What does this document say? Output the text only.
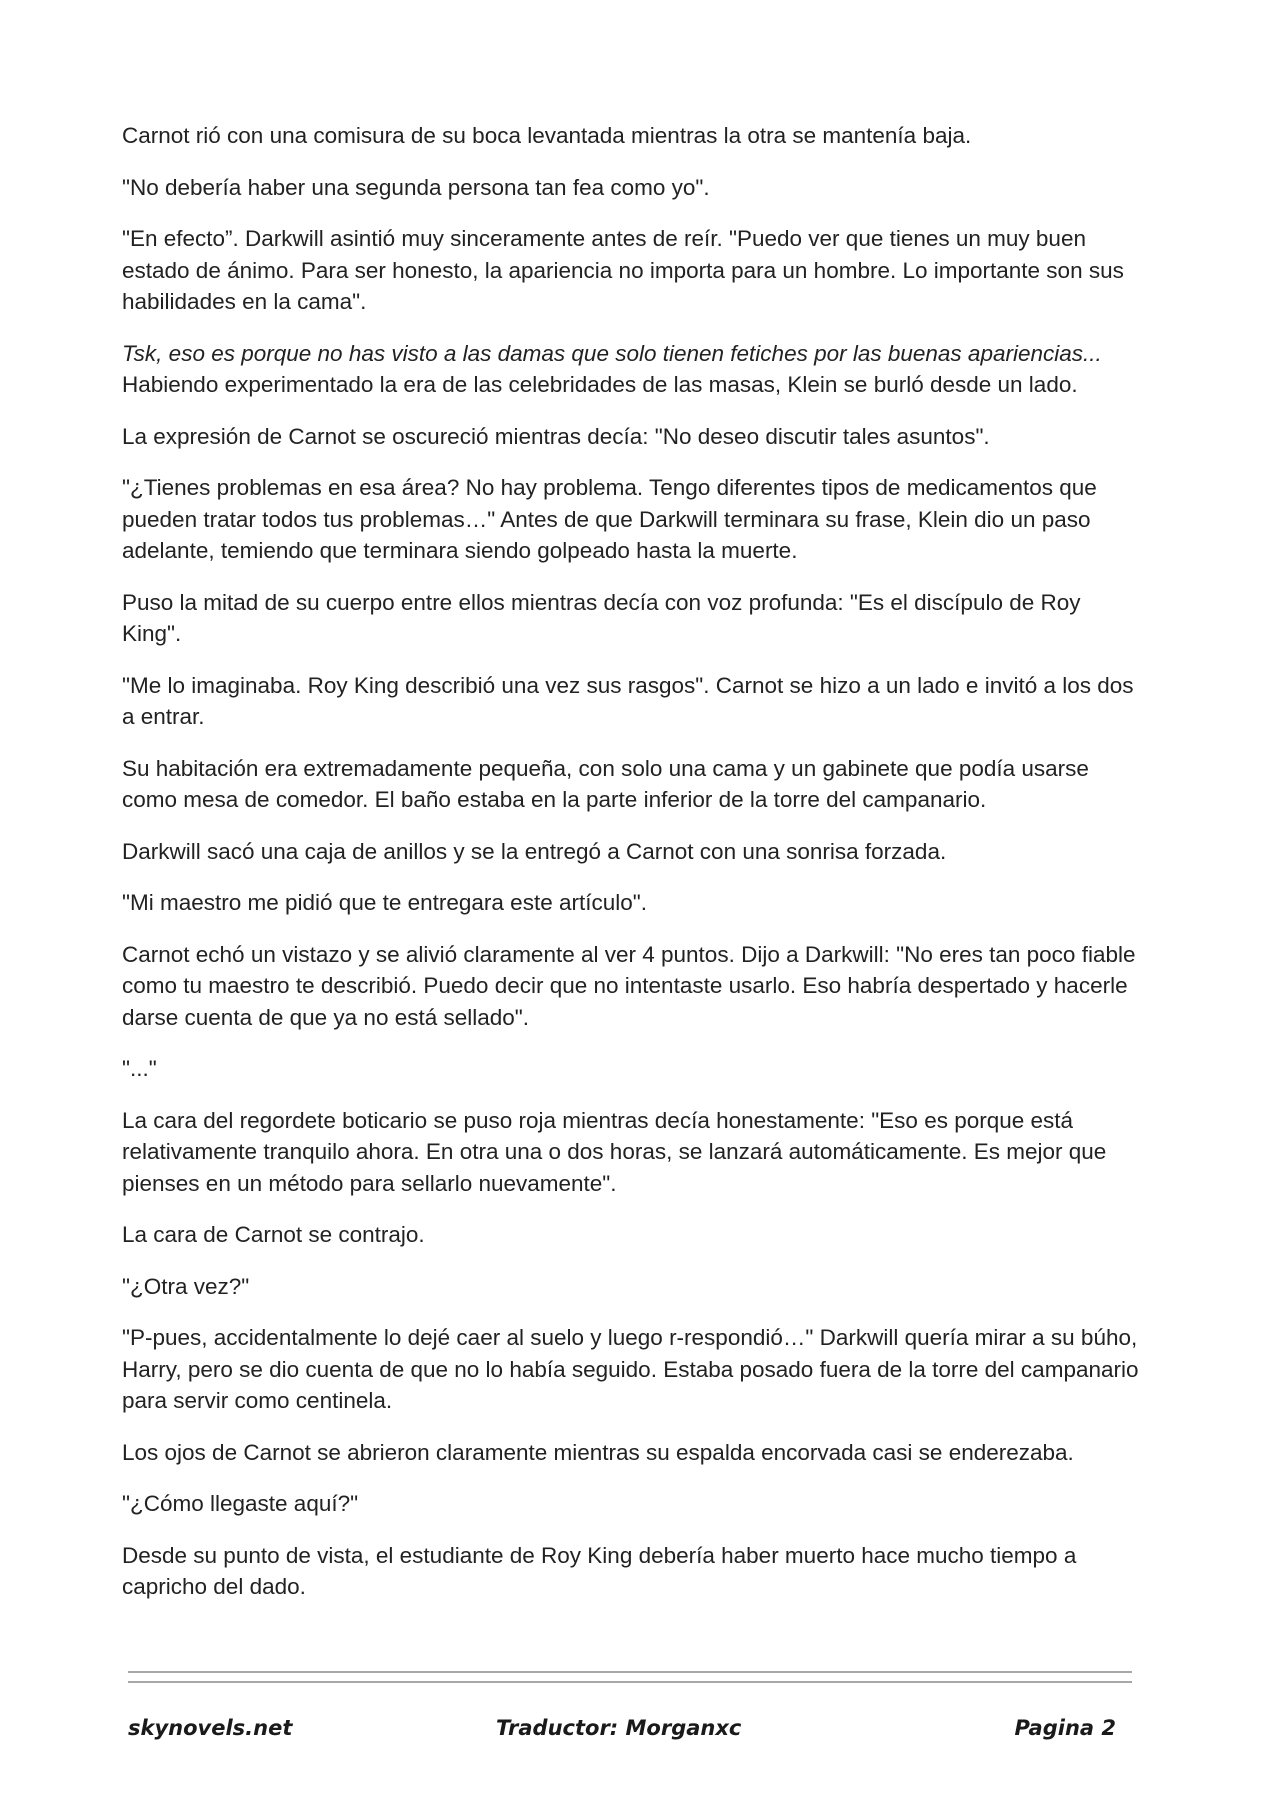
Carnot rió con una comisura de su boca levantada mientras la otra se mantenía baja.

"No debería haber una segunda persona tan fea como yo".

"En efecto”. Darkwill asintió muy sinceramente antes de reír. "Puedo ver que tienes un muy buen estado de ánimo. Para ser honesto, la apariencia no importa para un hombre. Lo importante son sus habilidades en la cama".

Tsk, eso es porque no has visto a las damas que solo tienen fetiches por las buenas apariencias... Habiendo experimentado la era de las celebridades de las masas, Klein se burló desde un lado.

La expresión de Carnot se oscureció mientras decía: "No deseo discutir tales asuntos".

"¿Tienes problemas en esa área? No hay problema. Tengo diferentes tipos de medicamentos que pueden tratar todos tus problemas…" Antes de que Darkwill terminara su frase, Klein dio un paso adelante, temiendo que terminara siendo golpeado hasta la muerte.

Puso la mitad de su cuerpo entre ellos mientras decía con voz profunda: "Es el discípulo de Roy King".

"Me lo imaginaba. Roy King describió una vez sus rasgos". Carnot se hizo a un lado e invitó a los dos a entrar.

Su habitación era extremadamente pequeña, con solo una cama y un gabinete que podía usarse como mesa de comedor. El baño estaba en la parte inferior de la torre del campanario.

Darkwill sacó una caja de anillos y se la entregó a Carnot con una sonrisa forzada.

"Mi maestro me pidió que te entregara este artículo".

Carnot echó un vistazo y se alivió claramente al ver 4 puntos. Dijo a Darkwill: "No eres tan poco fiable como tu maestro te describió. Puedo decir que no intentaste usarlo. Eso habría despertado y hacerle darse cuenta de que ya no está sellado".

"..."

La cara del regordete boticario se puso roja mientras decía honestamente: "Eso es porque está relativamente tranquilo ahora. En otra una o dos horas, se lanzará automáticamente. Es mejor que pienses en un método para sellarlo nuevamente".

La cara de Carnot se contrajo.

"¿Otra vez?"

"P-pues, accidentalmente lo dejé caer al suelo y luego r-respondió…" Darkwill quería mirar a su búho, Harry, pero se dio cuenta de que no lo había seguido. Estaba posado fuera de la torre del campanario para servir como centinela.

Los ojos de Carnot se abrieron claramente mientras su espalda encorvada casi se enderezaba.

"¿Cómo llegaste aquí?"

Desde su punto de vista, el estudiante de Roy King debería haber muerto hace mucho tiempo a capricho del dado.

skynovels.net	Traductor: Morganxc	Pagina 2
